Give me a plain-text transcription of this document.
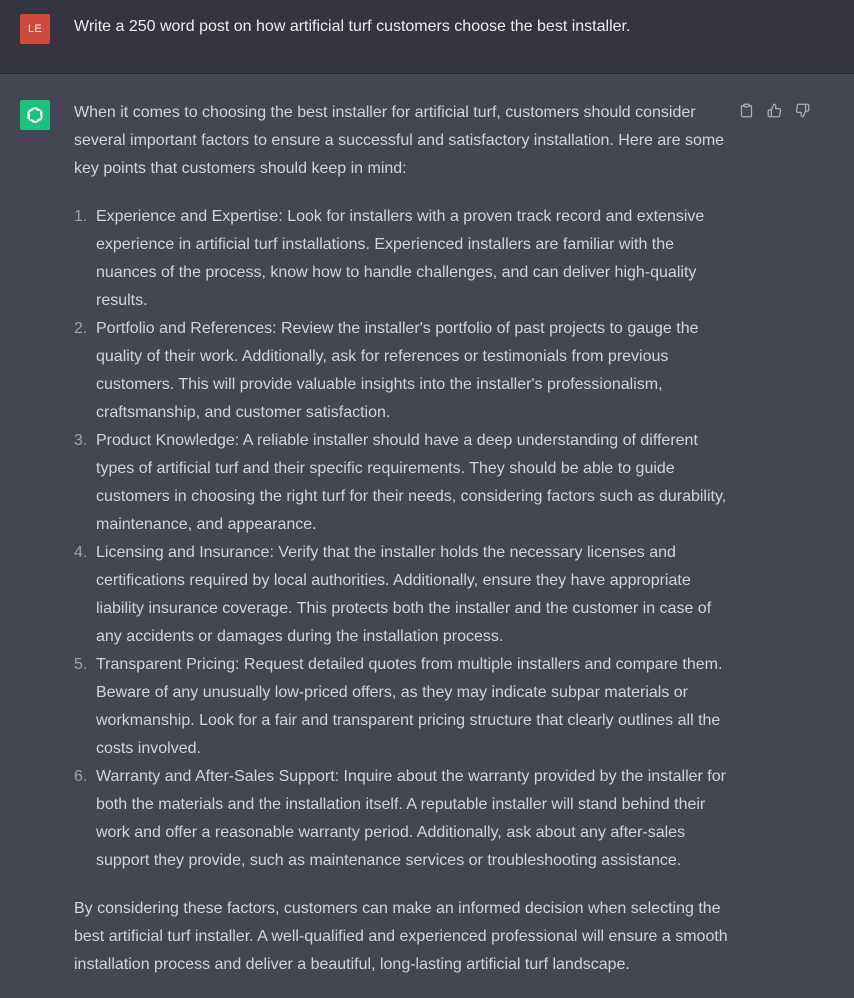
LE	Write a 250 word post on how artificial turf customers choose the best installer.

When it comes to choosing the best installer for artificial turf, customers should consider several important factors to ensure a successful and satisfactory installation. Here are some key points that customers should keep in mind:

1. Experience and Expertise: Look for installers with a proven track record and extensive experience in artificial turf installations. Experienced installers are familiar with the nuances of the process, know how to handle challenges, and can deliver high-quality results.
2. Portfolio and References: Review the installer's portfolio of past projects to gauge the quality of their work. Additionally, ask for references or testimonials from previous customers. This will provide valuable insights into the installer's professionalism, craftsmanship, and customer satisfaction.
3. Product Knowledge: A reliable installer should have a deep understanding of different types of artificial turf and their specific requirements. They should be able to guide customers in choosing the right turf for their needs, considering factors such as durability, maintenance, and appearance.
4. Licensing and Insurance: Verify that the installer holds the necessary licenses and certifications required by local authorities. Additionally, ensure they have appropriate liability insurance coverage. This protects both the installer and the customer in case of any accidents or damages during the installation process.
5. Transparent Pricing: Request detailed quotes from multiple installers and compare them. Beware of any unusually low-priced offers, as they may indicate subpar materials or workmanship. Look for a fair and transparent pricing structure that clearly outlines all the costs involved.
6. Warranty and After-Sales Support: Inquire about the warranty provided by the installer for both the materials and the installation itself. A reputable installer will stand behind their work and offer a reasonable warranty period. Additionally, ask about any after-sales support they provide, such as maintenance services or troubleshooting assistance.

By considering these factors, customers can make an informed decision when selecting the best artificial turf installer. A well-qualified and experienced professional will ensure a smooth installation process and deliver a beautiful, long-lasting artificial turf landscape.
